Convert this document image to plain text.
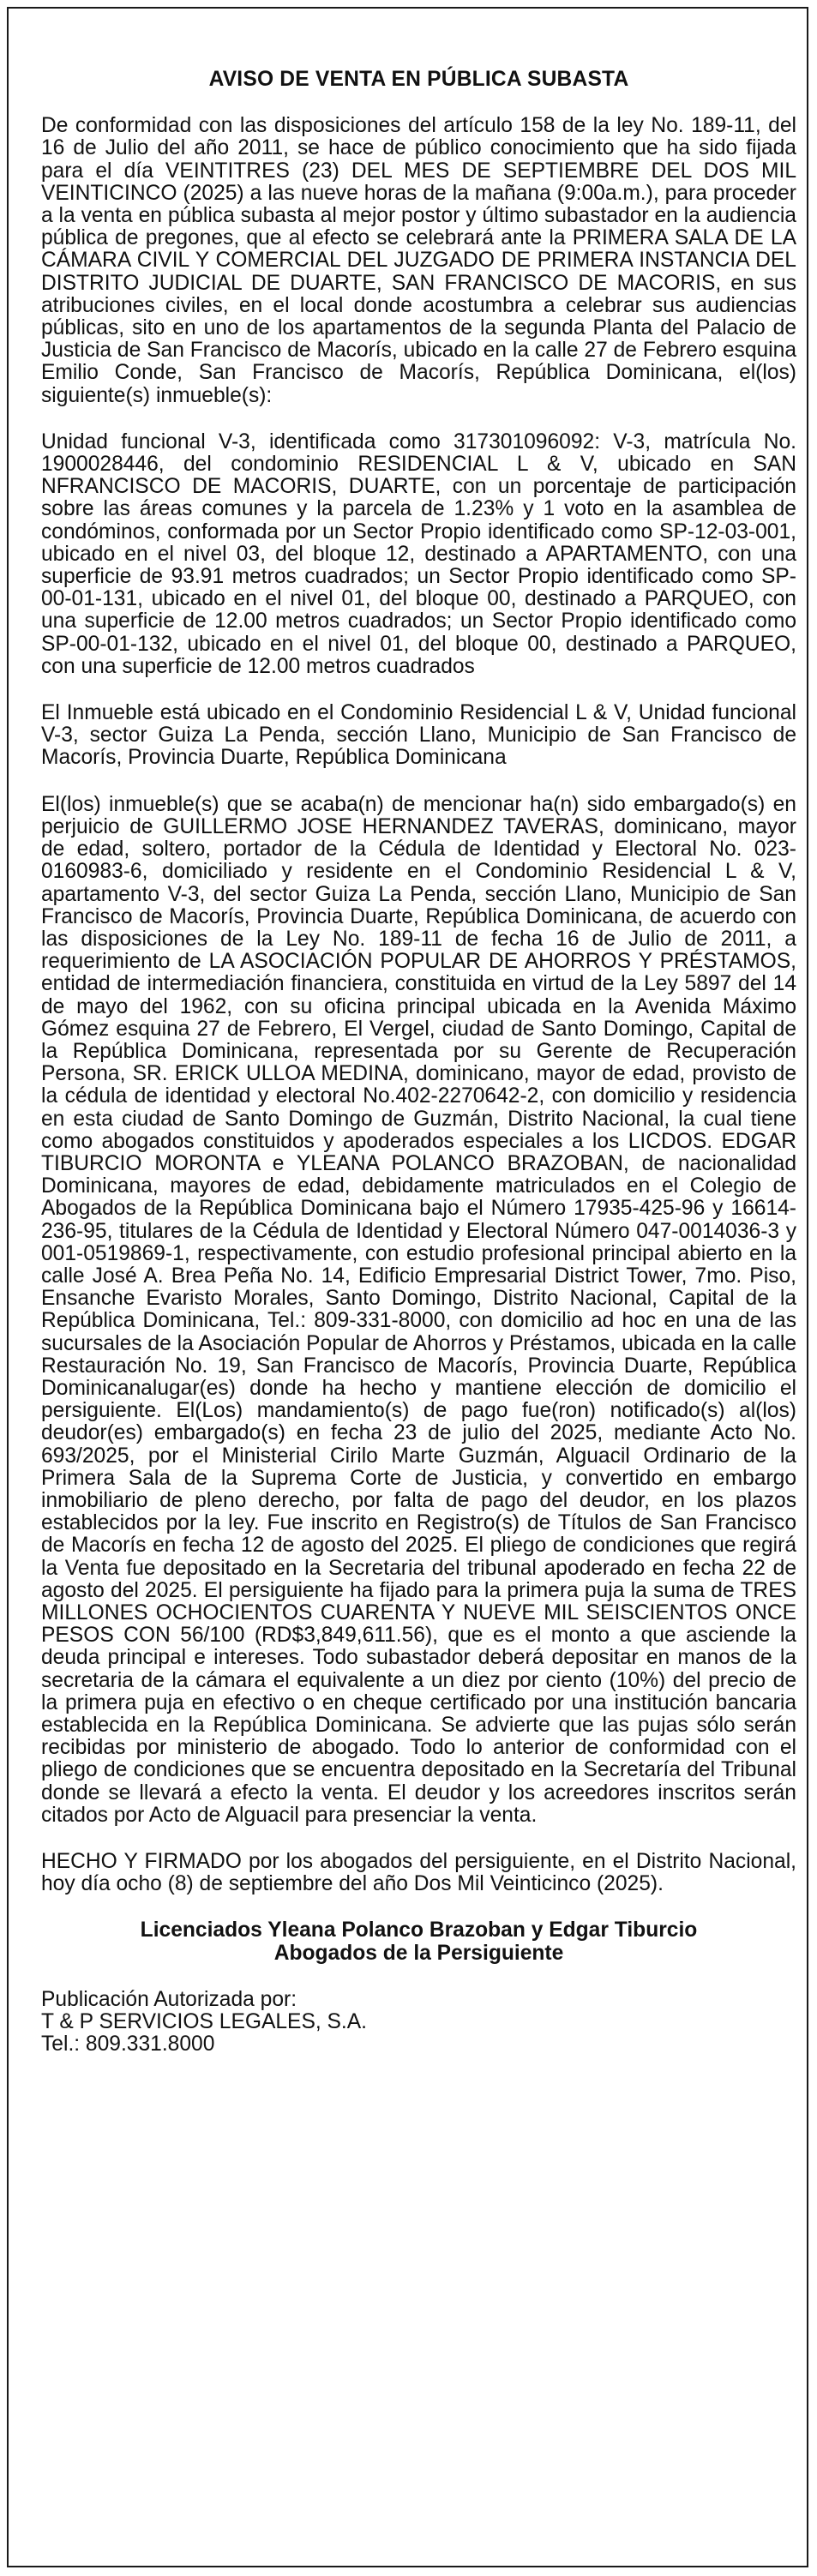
AVISO DE VENTA EN PÚBLICA SUBASTA

De conformidad con las disposiciones del artículo 158 de la ley No. 189-11, del 16 de Julio del año 2011, se hace de público conocimiento que ha sido fijada para el día VEINTITRES (23) DEL MES DE SEPTIEMBRE DEL DOS MIL VEINTICINCO (2025) a las nueve horas de la mañana (9:00a.m.), para proceder a la venta en pública subasta al mejor postor y último subastador en la audiencia pública de pregones, que al efecto se celebrará ante la PRIMERA SALA DE LA CÁMARA CIVIL Y COMERCIAL DEL JUZGADO DE PRIMERA INSTANCIA DEL DISTRITO JUDICIAL DE DUARTE, SAN FRANCISCO DE MACORIS, en sus atribuciones civiles, en el local donde acostumbra a celebrar sus audiencias públicas, sito en uno de los apartamentos de la segunda Planta del Palacio de Justicia de San Francisco de Macorís, ubicado en la calle 27 de Febrero esquina Emilio Conde, San Francisco de Macorís, República Dominicana, el(los) siguiente(s) inmueble(s):

Unidad funcional V-3, identificada como 317301096092: V-3, matrícula No. 1900028446, del condominio RESIDENCIAL L & V, ubicado en SAN NFRANCISCO DE MACORIS, DUARTE, con un porcentaje de participación sobre las áreas comunes y la parcela de 1.23% y 1 voto en la asamblea de condóminos, conformada por un Sector Propio identificado como SP-12-03-001, ubicado en el nivel 03, del bloque 12, destinado a APARTAMENTO, con una superficie de 93.91 metros cuadrados; un Sector Propio identificado como SP-00-01-131, ubicado en el nivel 01, del bloque 00, destinado a PARQUEO, con una superficie de 12.00 metros cuadrados; un Sector Propio identificado como SP-00-01-132, ubicado en el nivel 01, del bloque 00, destinado a PARQUEO, con una superficie de 12.00 metros cuadrados

El Inmueble está ubicado en el Condominio Residencial L & V, Unidad funcional V-3, sector Guiza La Penda, sección Llano, Municipio de San Francisco de Macorís, Provincia Duarte, República Dominicana

El(los) inmueble(s) que se acaba(n) de mencionar ha(n) sido embargado(s) en perjuicio de GUILLERMO JOSE HERNANDEZ TAVERAS, dominicano, mayor de edad, soltero, portador de la Cédula de Identidad y Electoral No. 023-0160983-6, domiciliado y residente en el Condominio Residencial L & V, apartamento V-3, del sector Guiza La Penda, sección Llano, Municipio de San Francisco de Macorís, Provincia Duarte, República Dominicana, de acuerdo con las disposiciones de la Ley No. 189-11 de fecha 16 de Julio de 2011, a requerimiento de LA ASOCIACIÓN POPULAR DE AHORROS Y PRÉSTAMOS, entidad de intermediación financiera, constituida en virtud de la Ley 5897 del 14 de mayo del 1962, con su oficina principal ubicada en la Avenida Máximo Gómez esquina 27 de Febrero, El Vergel, ciudad de Santo Domingo, Capital de la República Dominicana, representada por su Gerente de Recuperación Persona, SR. ERICK ULLOA MEDINA, dominicano, mayor de edad, provisto de la cédula de identidad y electoral No.402-2270642-2, con domicilio y residencia en esta ciudad de Santo Domingo de Guzmán, Distrito Nacional, la cual tiene como abogados constituidos y apoderados especiales a los LICDOS. EDGAR TIBURCIO MORONTA e YLEANA POLANCO BRAZOBAN, de nacionalidad Dominicana, mayores de edad, debidamente matriculados en el Colegio de Abogados de la República Dominicana bajo el Número 17935-425-96 y 16614-236-95, titulares de la Cédula de Identidad y Electoral Número 047-0014036-3 y 001-0519869-1, respectivamente, con estudio profesional principal abierto en la calle José A. Brea Peña No. 14, Edificio Empresarial District Tower, 7mo. Piso, Ensanche Evaristo Morales, Santo Domingo, Distrito Nacional, Capital de la República Dominicana, Tel.: 809-331-8000, con domicilio ad hoc en una de las sucursales de la Asociación Popular de Ahorros y Préstamos, ubicada en la calle Restauración No. 19, San Francisco de Macorís, Provincia Duarte, República Dominicanalugar(es) donde ha hecho y mantiene elección de domicilio el persiguiente. El(Los) mandamiento(s) de pago fue(ron) notificado(s) al(los) deudor(es) embargado(s) en fecha 23 de julio del 2025, mediante Acto No. 693/2025, por el Ministerial Cirilo Marte Guzmán, Alguacil Ordinario de la Primera Sala de la Suprema Corte de Justicia, y convertido en embargo inmobiliario de pleno derecho, por falta de pago del deudor, en los plazos establecidos por la ley. Fue inscrito en Registro(s) de Títulos de San Francisco de Macorís en fecha 12 de agosto del 2025. El pliego de condiciones que regirá la Venta fue depositado en la Secretaria del tribunal apoderado en fecha 22 de agosto del 2025. El persiguiente ha fijado para la primera puja la suma de TRES MILLONES OCHOCIENTOS CUARENTA Y NUEVE MIL SEISCIENTOS ONCE PESOS CON 56/100 (RD$3,849,611.56), que es el monto a que asciende la deuda principal e intereses. Todo subastador deberá depositar en manos de la secretaria de la cámara el equivalente a un diez por ciento (10%) del precio de la primera puja en efectivo o en cheque certificado por una institución bancaria establecida en la República Dominicana. Se advierte que las pujas sólo serán recibidas por ministerio de abogado. Todo lo anterior de conformidad con el pliego de condiciones que se encuentra depositado en la Secretaría del Tribunal donde se llevará a efecto la venta. El deudor y los acreedores inscritos serán citados por Acto de Alguacil para presenciar la venta.

HECHO Y FIRMADO por los abogados del persiguiente, en el Distrito Nacional, hoy día ocho (8) de septiembre del año Dos Mil Veinticinco (2025).

Licenciados Yleana Polanco Brazoban y Edgar Tiburcio
Abogados de la Persiguiente
Publicación Autorizada por:
T & P SERVICIOS LEGALES, S.A.
Tel.: 809.331.8000
